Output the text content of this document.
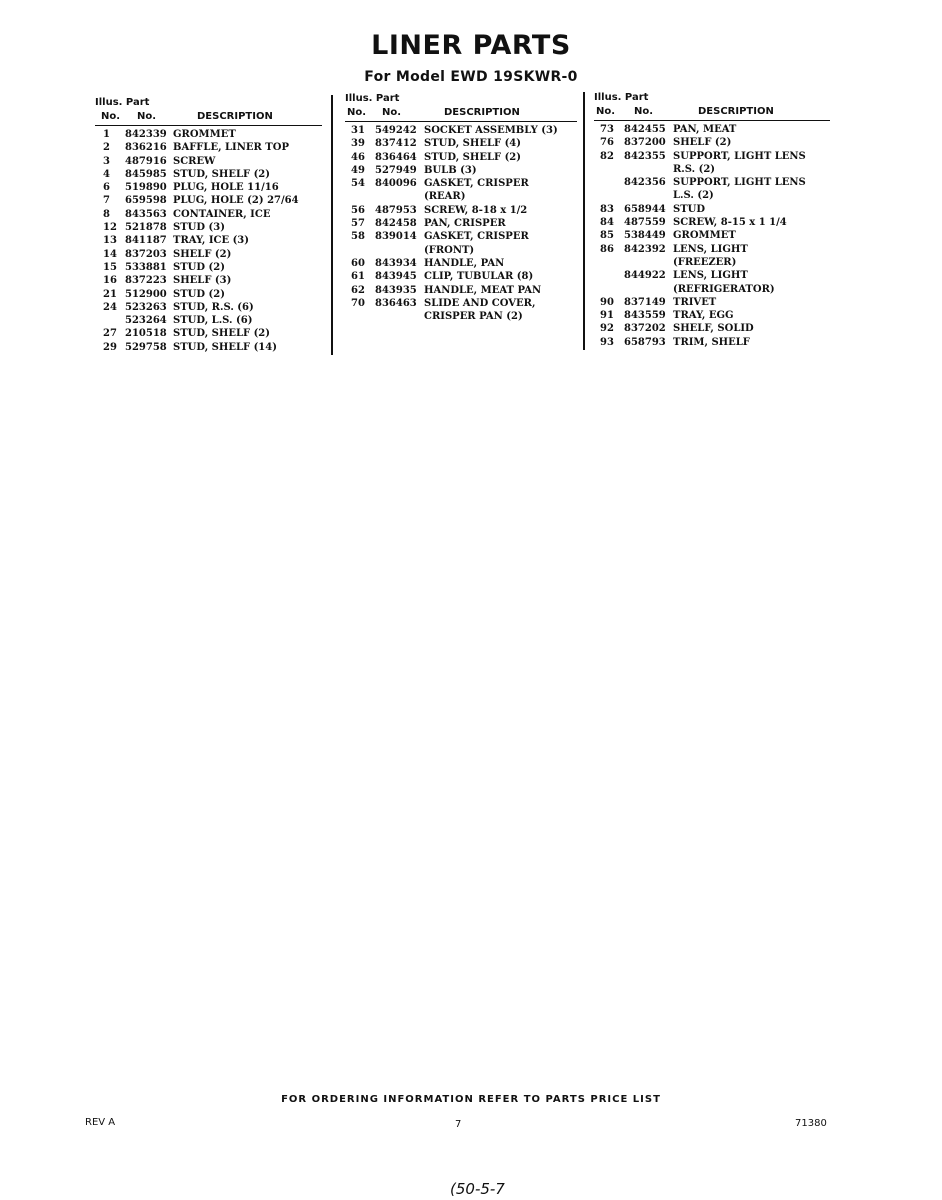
LINER PARTS
For Model EWD 19SKWR-0
Illus. Part
No. No.	DESCRIPTION
1 842339 GROMMET
2 836216 BAFFLE, LINER TOP
3 487916 SCREW
4 845985 STUD, SHELF (2)
6 519890 PLUG, HOLE 11/16
7 659598 PLUG, HOLE (2) 27/64
8 843563 CONTAINER, ICE
12 521878 STUD (3)
13 841187 TRAY, ICE (3)
14 837203 SHELF (2)
15 533881 STUD (2)
16 837223 SHELF (3)
21 512900 STUD (2)
24 523263 STUD, R.S. (6)
523264 STUD, L.S. (6)
27 210518 STUD, SHELF (2)
29 529758 STUD, SHELF (14)
Illus. Part
No. No.	DESCRIPTION
31 549242 SOCKET ASSEMBLY (3)
39 837412 STUD, SHELF (4)
46 836464 STUD, SHELF (2)
49 527949 BULB (3)
54 840096 GASKET, CRISPER
(REAR)
56 487953 SCREW, 8-18 x 1/2
57 842458 PAN, CRISPER
58 839014 GASKET, CRISPER
(FRONT)
60 843934 HANDLE, PAN
61 843945 CLIP, TUBULAR (8)
62 843935 HANDLE, MEAT PAN
70 836463 SLIDE AND COVER,
CRISPER PAN (2)
Illus. Part
No. No.	DESCRIPTION
73 842455 PAN, MEAT
76 837200 SHELF (2)
82 842355 SUPPORT, LIGHT LENS
R.S. (2)
842356 SUPPORT, LIGHT LENS
L.S. (2)
83 658944 STUD
84 487559 SCREW, 8-15 x 1 1/4
85 538449 GROMMET
86 842392 LENS, LIGHT
(FREEZER)
844922 LENS, LIGHT
(REFRIGERATOR)
90 837149 TRIVET
91 843559 TRAY, EGG
92 837202 SHELF, SOLID
93 658793 TRIM, SHELF
FOR ORDERING INFORMATION REFER TO PARTS PRICE LIST
REV A	7	71380
(50-5-7
